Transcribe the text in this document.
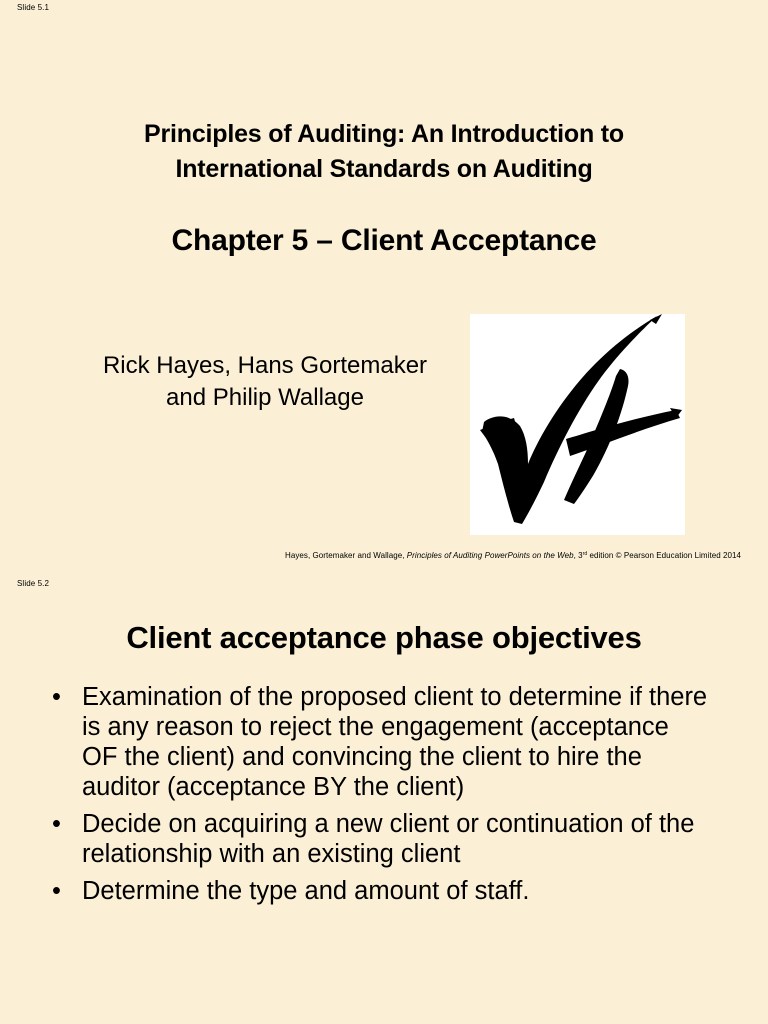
Slide 5.1
Principles of Auditing: An Introduction to
International Standards on Auditing
Chapter 5 – Client Acceptance
Rick Hayes, Hans Gortemaker
and Philip Wallage
Hayes, Gortemaker and Wallage, Principles of Auditing PowerPoints on the Web, 3rd edition © Pearson Education Limited 2014
Slide 5.2
Client acceptance phase objectives
• Examination of the proposed client to determine if there is any reason to reject the engagement (acceptance OF the client) and convincing the client to hire the auditor (acceptance BY the client)
• Decide on acquiring a new client or continuation of the relationship with an existing client
• Determine the type and amount of staff.
